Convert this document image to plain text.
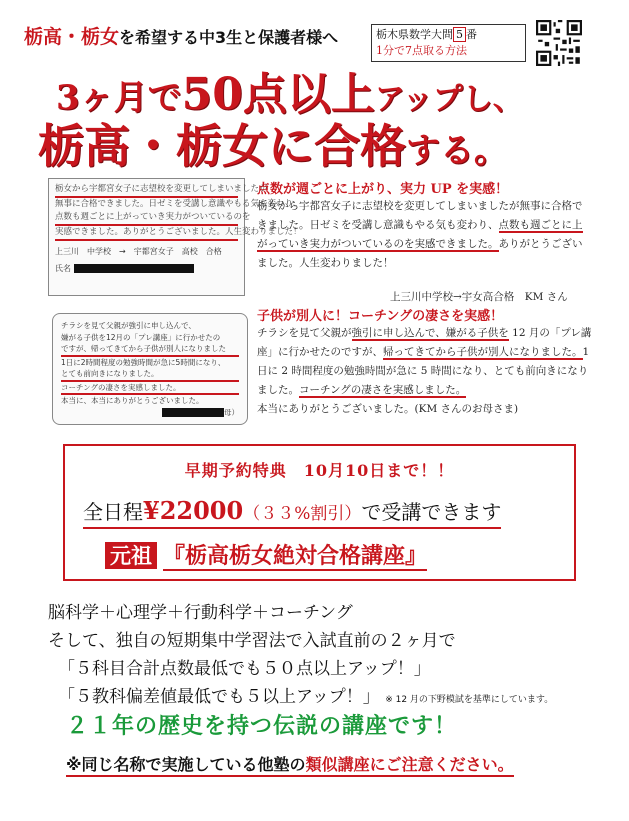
栃高・栃女を希望する中3生と保護者様へ	栃木県数学大問 5 番
1分で7点取る方法
3ヶ月で50点以上アップし、
栃高・栃女に合格する。
栃女から宇都宮女子に志望校を変更してしまいましたが
無事に合格できました。日ゼミを受講し意識やもる気も変わり、
点数も週ごとに上がっていき実力がついているのを
実感できました。ありがとうございました。人生変わりました！
上三川　中学校　→　宇都宮女子　高校　合格
氏名
点数が週ごとに上がり、実力 UP を実感！
栃女から宇都宮女子に志望校を変更してしまいましたが無事に合格できました。日ゼミを受講し意識もやる気も変わり、点数も週ごとに上がっていき実力がついているのを実感できました。ありがとうございました。人生変わりました！
上三川中学校→宇女高合格　KM さん
チラシを見て父親が強引に申し込んで、
嫌がる子供を12月の「プレ講座」に行かせたの
ですが、帰ってきてから子供が別人になりました
1日に2時間程度の勉強時間が急に5時間になり、
とても前向きになりました。
コーチングの凄さを実感しました。
本当に、本当にありがとうございました。
母）
子供が別人に！コーチングの凄さを実感！
チラシを見て父親が強引に申し込んで、嫌がる子供を 12 月の「プレ講座」に行かせたのですが、帰ってきてから子供が別人になりました。1 日に 2 時間程度の勉強時間が急に 5 時間になり、とても前向きになりました。コーチングの凄さを実感しました。
本当にありがとうございました。(KM さんのお母さま)
早期予約特典　10月10日まで！！
全日程¥22000（３３%割引）で受講できます
元祖 『栃高栃女絶対合格講座』
脳科学＋心理学＋行動科学＋コーチング
そして、独自の短期集中学習法で入試直前の２ヶ月で
「５科目合計点数最低でも５０点以上アップ！」
「５教科偏差値最低でも５以上アップ！」 ※ 12 月の下野模試を基準にしています。
２１年の歴史を持つ伝説の講座です！
※同じ名称で実施している他塾の類似講座にご注意ください。
